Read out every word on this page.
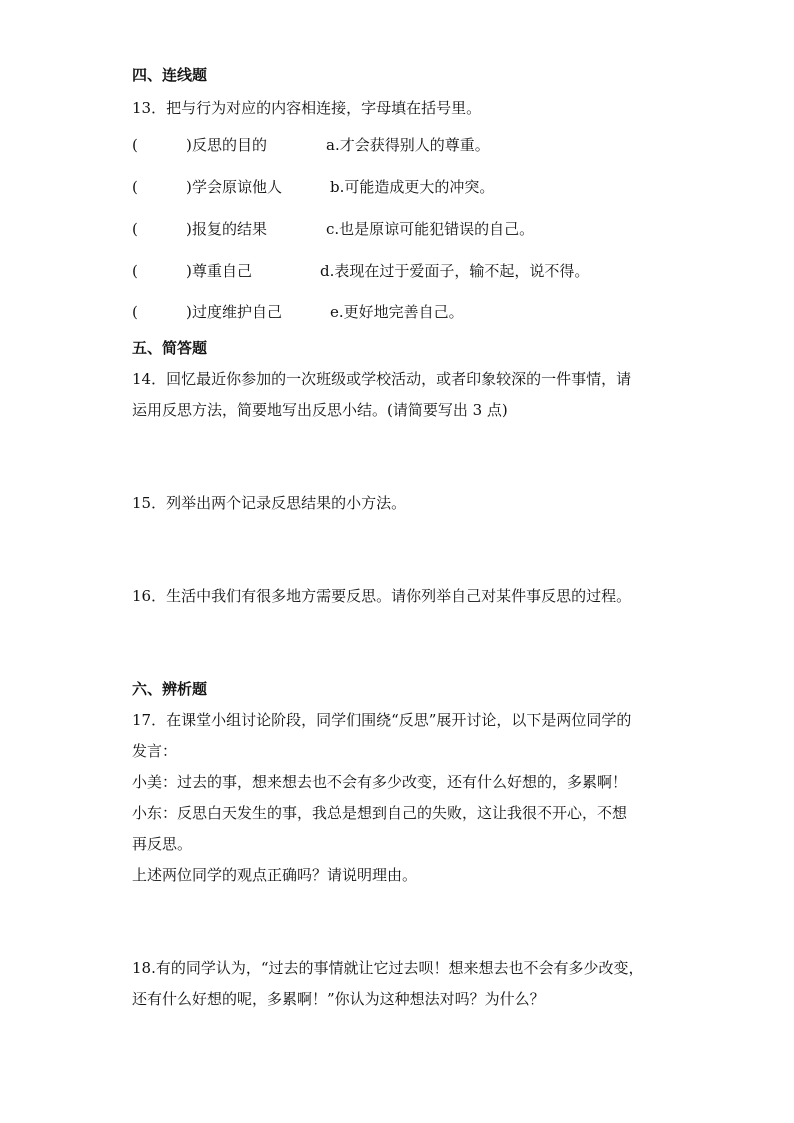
四、连线题
13．把与行为对应的内容相连接，字母填在括号里。
(	) 反思的目的	a.才会获得别人的尊重。
(	) 学会原谅他人	b.可能造成更大的冲突。
(	) 报复的结果	c.也是原谅可能犯错误的自己。
(	) 尊重自己	d.表现在过于爱面子，输不起，说不得。
(	) 过度维护自己	e.更好地完善自己。
五、简答题
14．回忆最近你参加的一次班级或学校活动，或者印象较深的一件事情，请
运用反思方法，简要地写出反思小结。(请简要写出 3 点)
15．列举出两个记录反思结果的小方法。
16．生活中我们有很多地方需要反思。请你列举自己对某件事反思的过程。
六、辨析题
17．在课堂小组讨论阶段，同学们围绕“反思”展开讨论，以下是两位同学的
发言：
小美：过去的事，想来想去也不会有多少改变，还有什么好想的，多累啊！
小东：反思白天发生的事，我总是想到自己的失败，这让我很不开心，不想
再反思。
上述两位同学的观点正确吗？请说明理由。
18.有的同学认为，“过去的事情就让它过去呗！想来想去也不会有多少改变，
还有什么好想的呢，多累啊！”你认为这种想法对吗？为什么？
